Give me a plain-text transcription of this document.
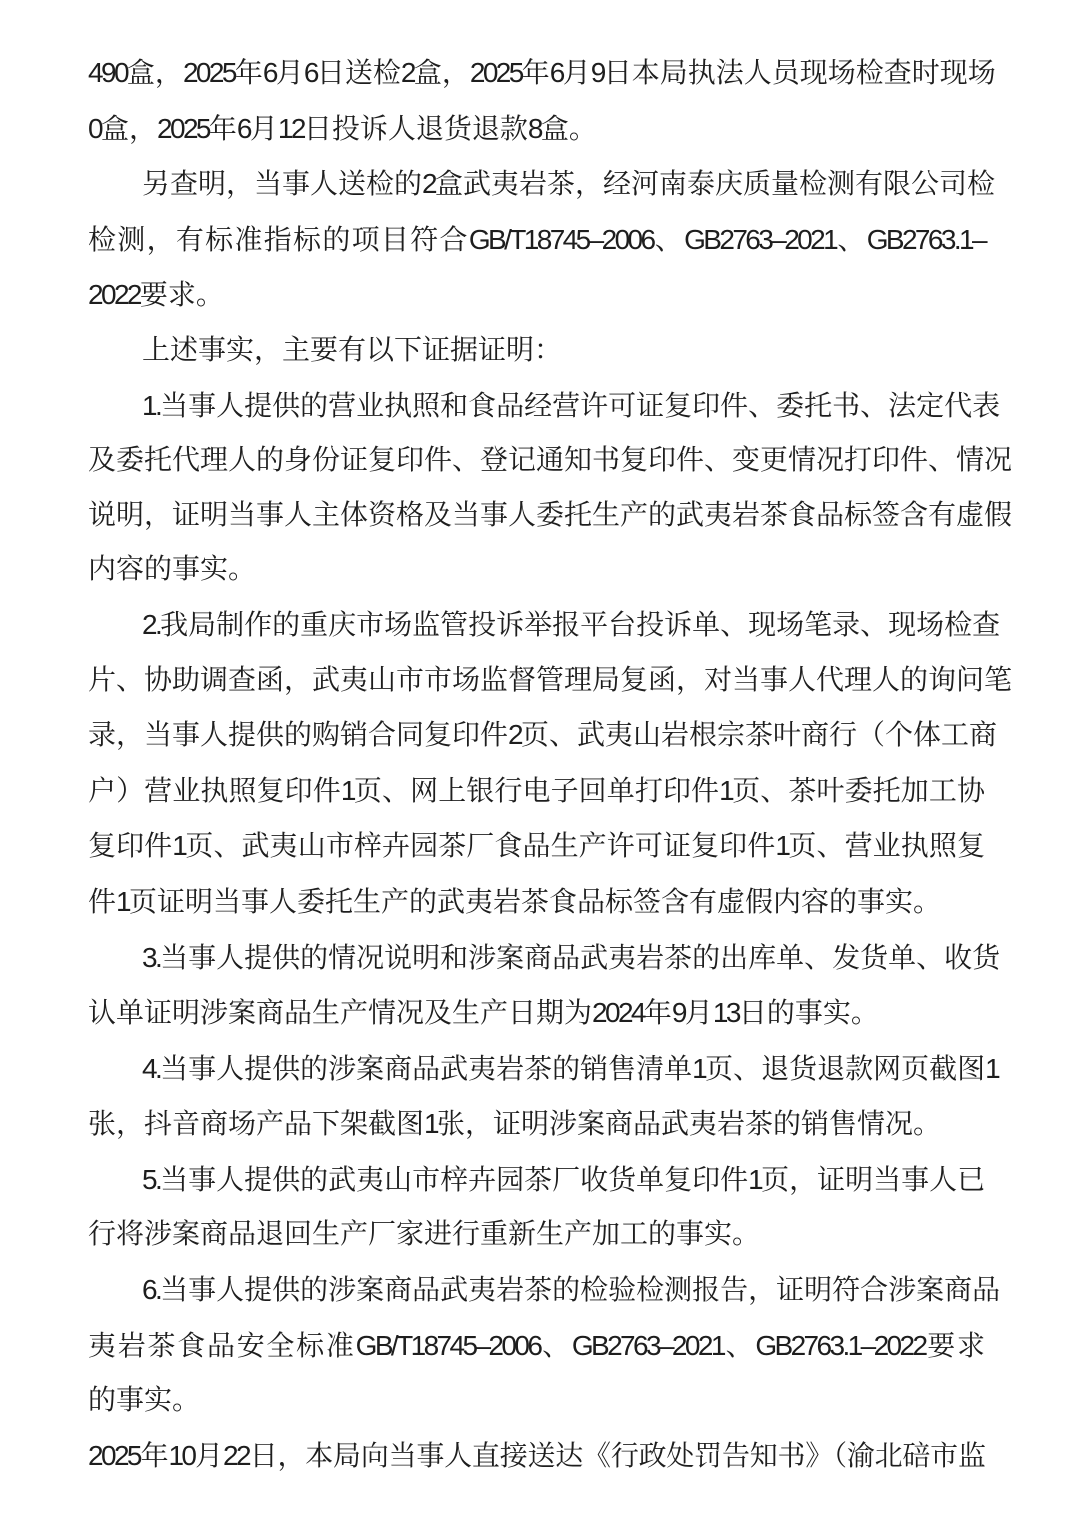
490盒，2025年6月6日送检2盒，2025年6月9日本局执法人员现场检查时现场
0盒，2025年6月12日投诉人退货退款8盒。
另查明，当事人送检的2盒武夷岩茶，经河南泰庆质量检测有限公司检
检测，有标准指标的项目符合GB/T18745–2006、GB2763–2021、GB2763.1–
2022要求。
上述事实，主要有以下证据证明：
1.当事人提供的营业执照和食品经营许可证复印件、委托书、法定代表
及委托代理人的身份证复印件、登记通知书复印件、变更情况打印件、情况
说明，证明当事人主体资格及当事人委托生产的武夷岩茶食品标签含有虚假
内容的事实。
2.我局制作的重庆市场监管投诉举报平台投诉单、现场笔录、现场检查
片、协助调查函，武夷山市市场监督管理局复函，对当事人代理人的询问笔
录，当事人提供的购销合同复印件2页、武夷山岩根宗茶叶商行（个体工商
户）营业执照复印件1页、网上银行电子回单打印件1页、茶叶委托加工协
复印件1页、武夷山市梓卉园茶厂食品生产许可证复印件1页、营业执照复
件1页证明当事人委托生产的武夷岩茶食品标签含有虚假内容的事实。
3.当事人提供的情况说明和涉案商品武夷岩茶的出库单、发货单、收货
认单证明涉案商品生产情况及生产日期为2024年9月13日的事实。
4.当事人提供的涉案商品武夷岩茶的销售清单1页、退货退款网页截图1
张，抖音商场产品下架截图1张，证明涉案商品武夷岩茶的销售情况。
5.当事人提供的武夷山市梓卉园茶厂收货单复印件1页，证明当事人已
行将涉案商品退回生产厂家进行重新生产加工的事实。
6.当事人提供的涉案商品武夷岩茶的检验检测报告，证明符合涉案商品
夷岩茶食品安全标准GB/T18745–2006、GB2763–2021、GB2763.1–2022要求
的事实。
2025年10月22日，本局向当事人直接送达《行政处罚告知书》（渝北碚市监
